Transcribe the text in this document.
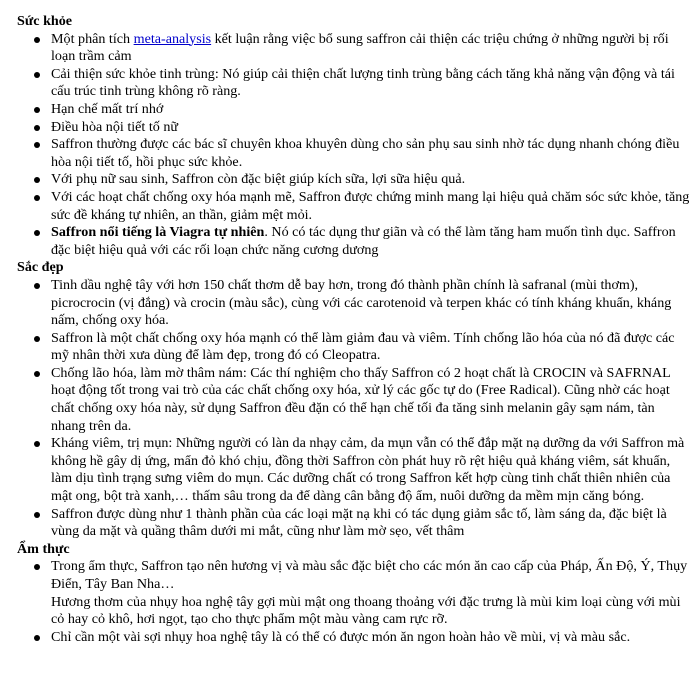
Sức khỏe
Một phân tích meta-analysis kết luận rằng việc bổ sung saffron cải thiện các triệu chứng ở những người bị rối loạn trầm cảm
Cải thiện sức khỏe tinh trùng: Nó giúp cải thiện chất lượng tinh trùng bằng cách tăng khả năng vận động và tái cấu trúc tinh trùng không rõ ràng.
Hạn chế mất trí nhớ
Điều hòa nội tiết tố nữ
Saffron thường được các bác sĩ chuyên khoa khuyên dùng cho sản phụ sau sinh nhờ tác dụng nhanh chóng điều hòa nội tiết tố, hồi phục sức khỏe.
Với phụ nữ sau sinh, Saffron còn đặc biệt giúp kích sữa, lợi sữa hiệu quả.
Với các hoạt chất chống oxy hóa mạnh mẽ, Saffron được chứng minh mang lại hiệu quả chăm sóc sức khỏe, tăng sức đề kháng tự nhiên, an thần, giảm mệt mỏi.
Saffron nổi tiếng là Viagra tự nhiên. Nó có tác dụng thư giãn và có thể làm tăng ham muốn tình dục. Saffron đặc biệt hiệu quả với các rối loạn chức năng cương dương
Sắc đẹp
Tinh dầu nghệ tây với hơn 150 chất thơm dễ bay hơn, trong đó thành phần chính là safranal (mùi thơm), picrocrocin (vị đắng) và crocin (màu sắc), cùng với các carotenoid và terpen khác có tính kháng khuẩn, kháng nấm, chống oxy hóa.
Saffron là một chất chống oxy hóa mạnh có thể làm giảm đau và viêm. Tính chống lão hóa của nó đã được các mỹ nhân thời xưa dùng để làm đẹp, trong đó có Cleopatra.
Chống lão hóa, làm mờ thâm nám: Các thí nghiệm cho thấy Saffron có 2 hoạt chất là CROCIN và SAFRNAL hoạt động tốt trong vai trò của các chất chống oxy hóa, xử lý các gốc tự do (Free Radical). Cũng nhờ các hoạt chất chống oxy hóa này, sử dụng Saffron đều đặn có thể hạn chế tối đa tăng sinh melanin gây sạm nám, tàn nhang trên da.
Kháng viêm, trị mụn: Những người có làn da nhạy cảm, da mụn vẫn có thể đắp mặt nạ dưỡng da với Saffron mà không hề gây dị ứng, mẩn đỏ khó chịu, đồng thời Saffron còn phát huy rõ rệt hiệu quả kháng viêm, sát khuẩn, làm dịu tình trạng sưng viêm do mụn. Các dưỡng chất có trong Saffron kết hợp cùng tinh chất thiên nhiên của mật ong, bột trà xanh,… thấm sâu trong da để dàng cân bằng độ ẩm, nuôi dưỡng da mềm mịn căng bóng.
Saffron được dùng như 1 thành phần của các loại mặt nạ khi có tác dụng giảm sắc tố, làm sáng da, đặc biệt là vùng da mặt và quầng thâm dưới mi mắt, cũng như làm mờ sẹo, vết thâm
Ẩm thực
Trong ẩm thực, Saffron tạo nên hương vị và màu sắc đặc biệt cho các món ăn cao cấp của Pháp, Ấn Độ, Ý, Thụy Điển, Tây Ban Nha…
Hương thơm của nhụy hoa nghệ tây gợi mùi mật ong thoang thoảng với đặc trưng là mùi kim loại cùng với mùi cỏ hay cỏ khô, hơi ngọt, tạo cho thực phẩm một màu vàng cam rực rỡ.
Chỉ cần một vài sợi nhụy hoa nghệ tây là có thể có được món ăn ngon hoàn hảo về mùi, vị và màu sắc.
